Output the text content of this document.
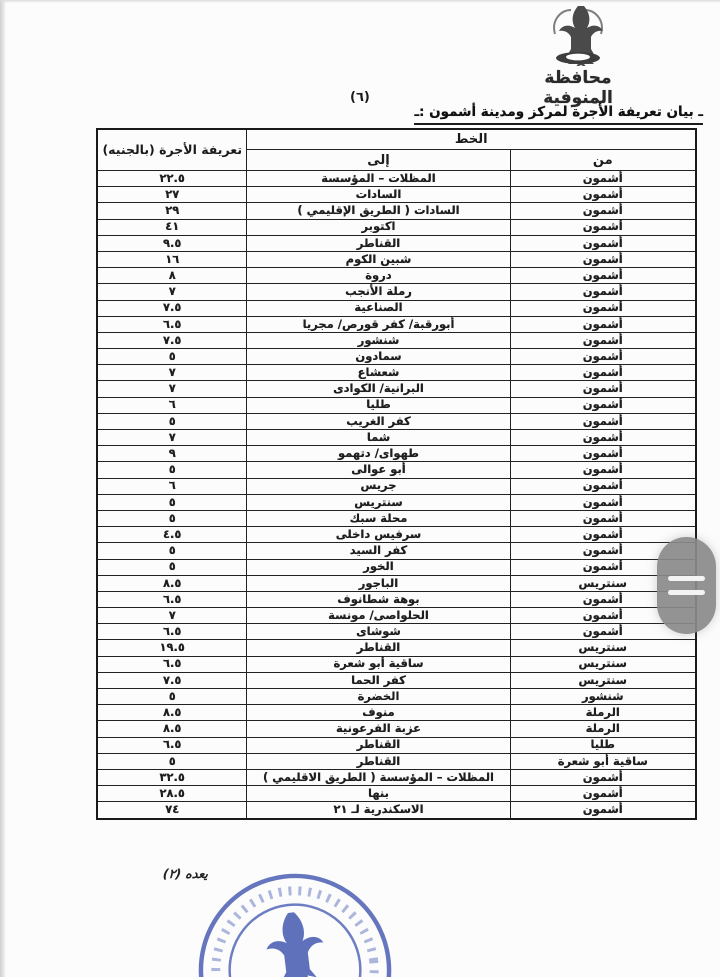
محافظة المنوفية
(٦)
ـ بيان تعريفة الأجرة لمركز ومدينة أشمون :ـ
الخط		تعريفة الأجرة (بالجنيه)
من	إلى	
أشمون	المظلات – المؤسسة	٢٢.٥
أشمون	السادات	٢٧
أشمون	السادات ( الطريق الإقليمي )	٢٩
أشمون	اكتوبر	٤١
أشمون	القناطر	٩.٥
أشمون	شبين الكوم	١٦
أشمون	دروة	٨
أشمون	رملة الأنجب	٧
أشمون	الصناعية	٧.٥
أشمون	أبورقبة/ كفر قورص/ مجريا	٦.٥
أشمون	شنشور	٧.٥
أشمون	سمادون	٥
أشمون	شعشاع	٧
أشمون	البرانية/ الكوادى	٧
أشمون	طليا	٦
أشمون	كفر الغريب	٥
أشمون	شما	٧
أشمون	طهواى/ دتهمو	٩
أشمون	أبو عوالى	٥
أشمون	جريس	٦
أشمون	سنتريس	٥
أشمون	محلة سبك	٥
أشمون	سرفيس داخلى	٤.٥
أشمون	كفر السيد	٥
أشمون	الخور	٥
سنتريس	الباجور	٨.٥
أشمون	بوهة شطانوف	٦.٥
أشمون	الحلواصى/ مونسة	٧
أشمون	شوشاى	٦.٥
سنتريس	القناطر	١٩.٥
سنتريس	ساقية أبو شعرة	٦.٥
سنتريس	كفر الحما	٧.٥
شنشور	الخضرة	٥
الرملة	منوف	٨.٥
الرملة	عزبة الفرعونية	٨.٥
طليا	القناطر	٦.٥
ساقية أبو شعرة	القناطر	٥
أشمون	المظلات – المؤسسة ( الطريق الاقليمي )	٣٢.٥
أشمون	بنها	٢٨.٥
أشمون	الاسكندرية لـ ٢١	٧٤
يعده (٢)
